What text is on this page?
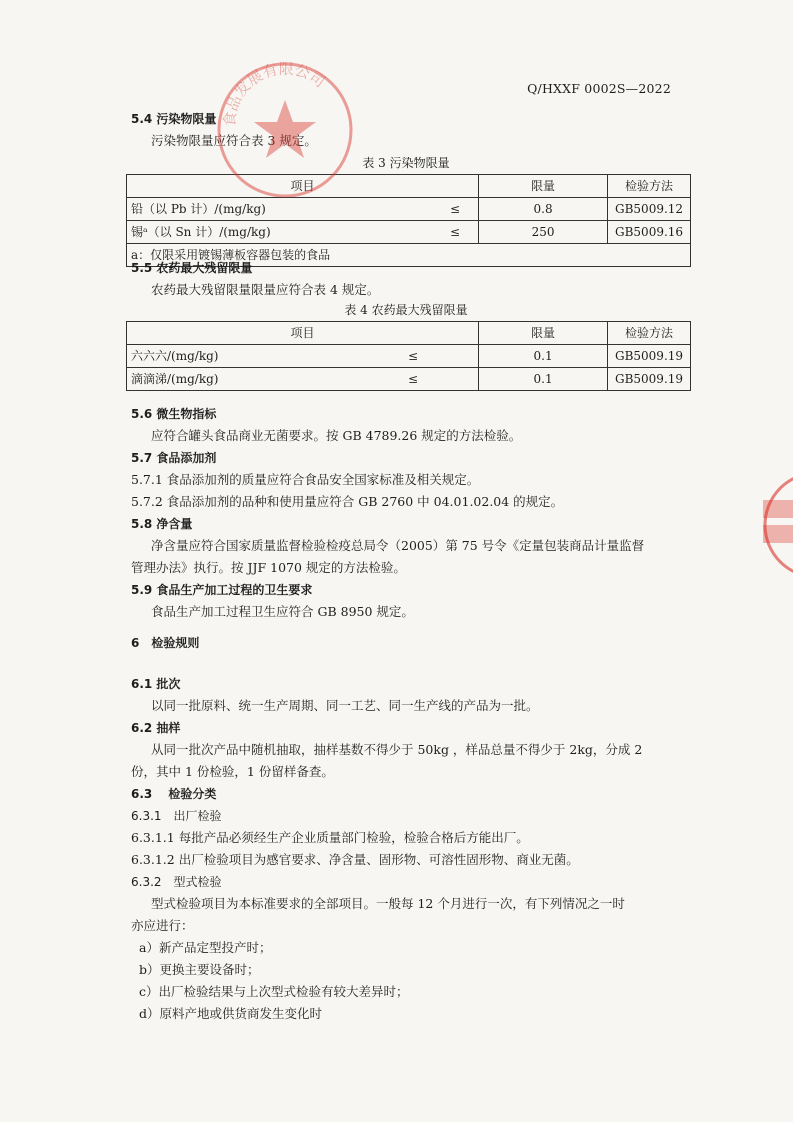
Q/HXXF 0002S—2022
5.4 污染物限量
污染物限量应符合表 3 规定。
表 3 污染物限量
项目		限量	检验方法
铅（以 Pb 计）/(mg/kg)	≤	0.8	GB5009.12
锡ᵃ（以 Sn 计）/(mg/kg)	≤	250	GB5009.16
a：仅限采用镀锡薄板容器包装的食品			
5.5 农药最大残留限量
农药最大残留限量限量应符合表 4 规定。
表 4 农药最大残留限量
项目		限量	检验方法
六六六/(mg/kg)	≤	0.1	GB5009.19
滴滴涕/(mg/kg)	≤	0.1	GB5009.19
5.6 微生物指标
应符合罐头食品商业无菌要求。按 GB 4789.26 规定的方法检验。
5.7 食品添加剂
5.7.1 食品添加剂的质量应符合食品安全国家标准及相关规定。
5.7.2 食品添加剂的品种和使用量应符合 GB 2760 中 04.01.02.04 的规定。
5.8 净含量
净含量应符合国家质量监督检验检疫总局令（2005）第 75 号令《定量包装商品计量监督
管理办法》执行。按 JJF 1070 规定的方法检验。
5.9 食品生产加工过程的卫生要求
食品生产加工过程卫生应符合 GB 8950 规定。
6　检验规则
6.1 批次
以同一批原料、统一生产周期、同一工艺、同一生产线的产品为一批。
6.2 抽样
从同一批次产品中随机抽取，抽样基数不得少于 50kg ，样品总量不得少于 2kg，分成 2
份，其中 1 份检验，1 份留样备查。
6.3　 检验分类
6.3.1　出厂检验
6.3.1.1 每批产品必须经生产企业质量部门检验，检验合格后方能出厂。
6.3.1.2 出厂检验项目为感官要求、净含量、固形物、可溶性固形物、商业无菌。
6.3.2　型式检验
型式检验项目为本标准要求的全部项目。一般每 12 个月进行一次，有下列情况之一时
亦应进行：
a）新产品定型投产时；
b）更换主要设备时；
c）出厂检验结果与上次型式检验有较大差异时；
d）原料产地或供货商发生变化时
食品发展有限公司
